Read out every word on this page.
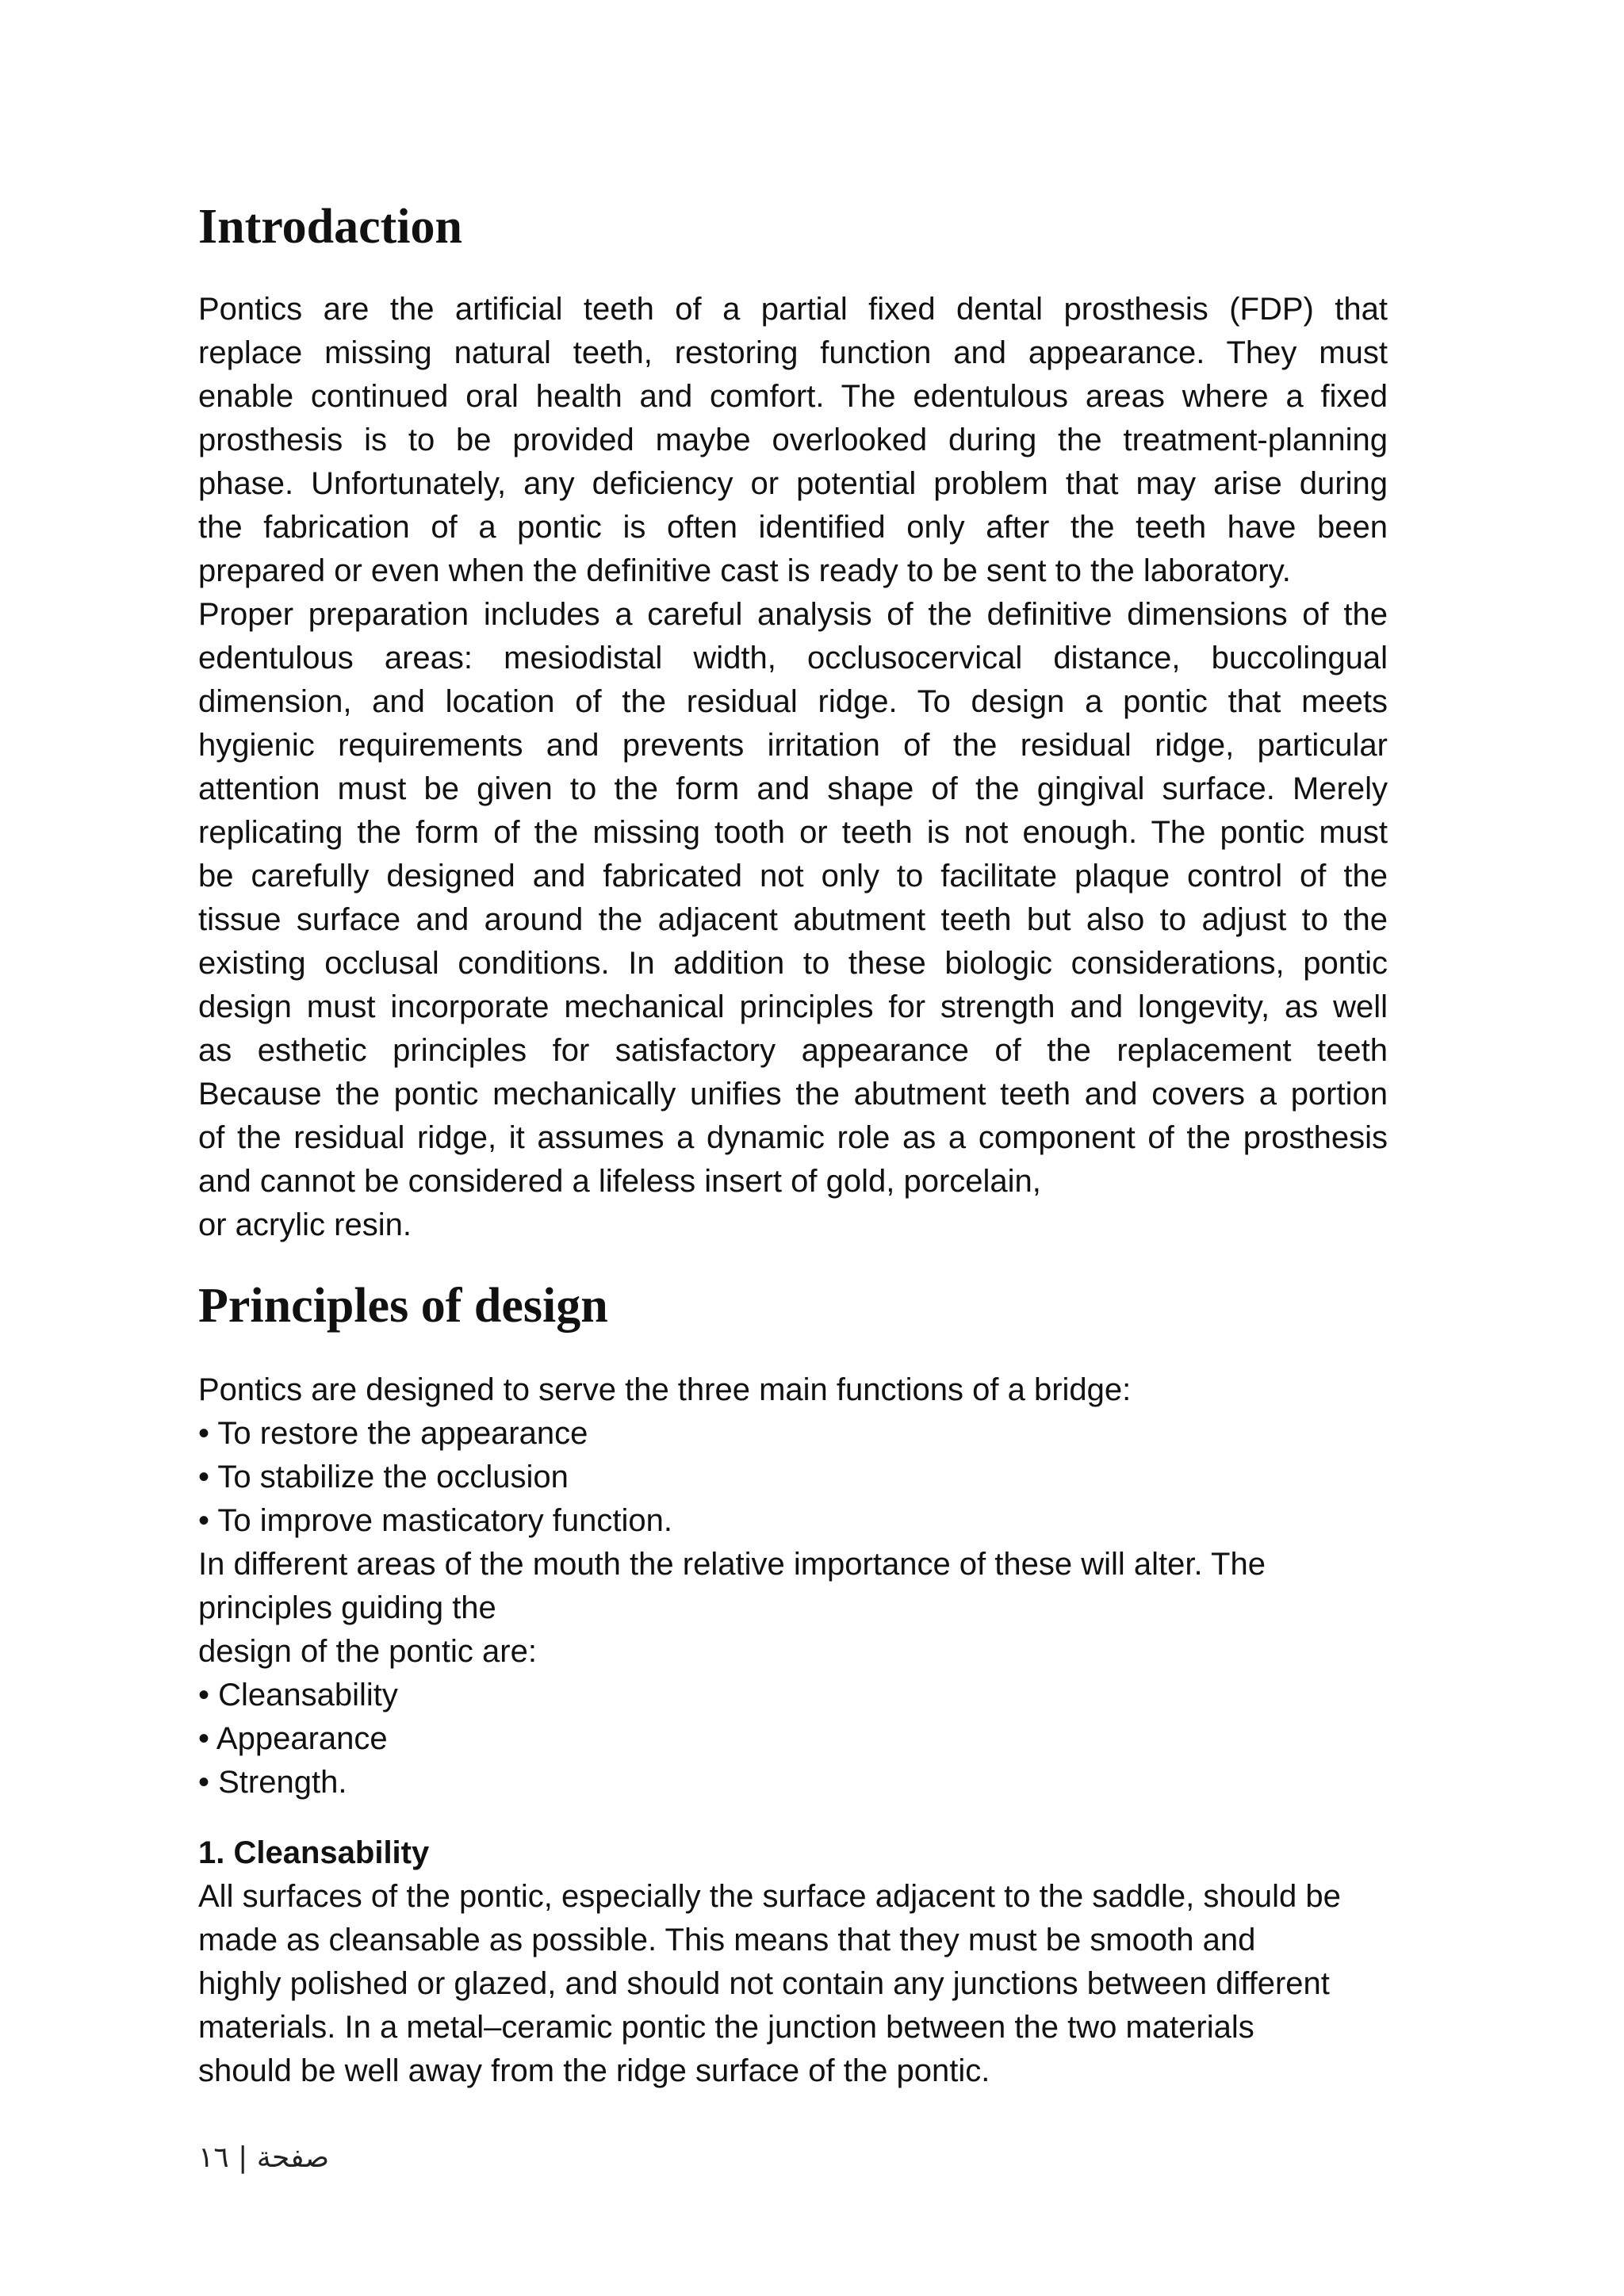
Introdaction
Pontics are the artificial teeth of a partial fixed dental prosthesis (FDP) that
replace missing natural teeth, restoring function and appearance. They must
enable continued oral health and comfort. The edentulous areas where a fixed
prosthesis is to be provided maybe overlooked during the treatment-planning
phase. Unfortunately, any deficiency or potential problem that may arise during
the fabrication of a pontic is often identified only after the teeth have been
prepared or even when the definitive cast is ready to be sent to the laboratory.
Proper preparation includes a careful analysis of the definitive dimensions of the
edentulous areas: mesiodistal width, occlusocervical distance, buccolingual
dimension, and location of the residual ridge. To design a pontic that meets
hygienic requirements and prevents irritation of the residual ridge, particular
attention must be given to the form and shape of the gingival surface. Merely
replicating the form of the missing tooth or teeth is not enough. The pontic must
be carefully designed and fabricated not only to facilitate plaque control of the
tissue surface and around the adjacent abutment teeth but also to adjust to the
existing occlusal conditions. In addition to these biologic considerations, pontic
design must incorporate mechanical principles for strength and longevity, as well
as esthetic principles for satisfactory appearance of the replacement teeth
Because the pontic mechanically unifies the abutment teeth and covers a portion
of the residual ridge, it assumes a dynamic role as a component of the prosthesis
and cannot be considered a lifeless insert of gold, porcelain,
or acrylic resin.
Principles of design
Pontics are designed to serve the three main functions of a bridge:
• To restore the appearance
• To stabilize the occlusion
• To improve masticatory function.
In different areas of the mouth the relative importance of these will alter. The
principles guiding the
design of the pontic are:
• Cleansability
• Appearance
• Strength.
1. Cleansability
All surfaces of the pontic, especially the surface adjacent to the saddle, should be
made as cleansable as possible. This means that they must be smooth and
highly polished or glazed, and should not contain any junctions between different
materials. In a metal–ceramic pontic the junction between the two materials
should be well away from the ridge surface of the pontic.
صفحة | ١٦
